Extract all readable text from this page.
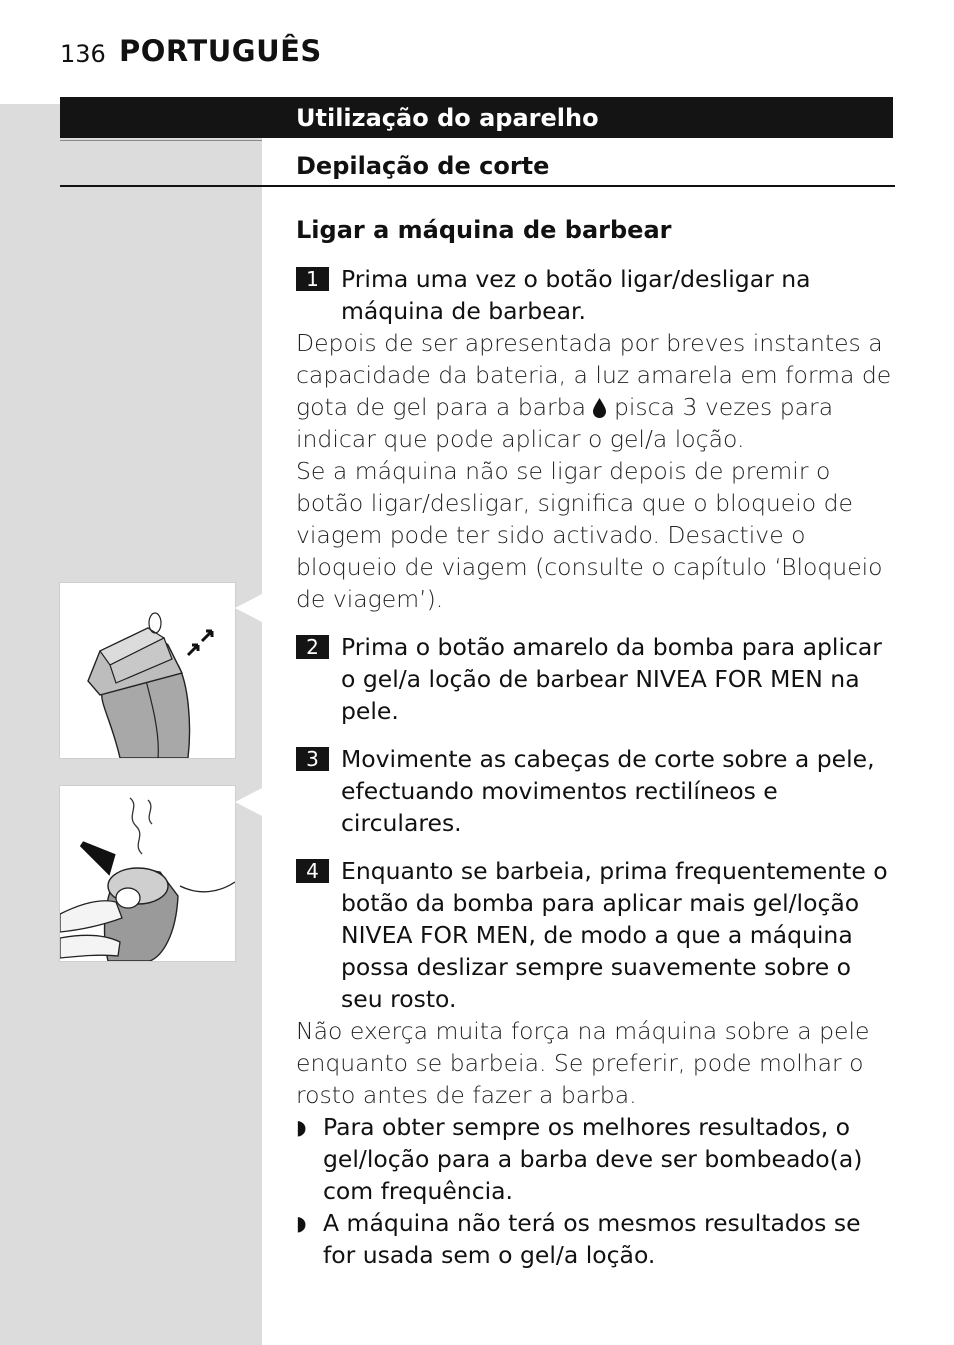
136 PORTUGUÊS
Utilização do aparelho
Depilação de corte

Ligar a máquina de barbear

1 Prima uma vez o botão ligar/desligar na máquina de barbear.

Depois de ser apresentada por breves instantes a capacidade da bateria, a luz amarela em forma de gota de gel para a barba pisca 3 vezes para indicar que pode aplicar o gel/a loção.

Se a máquina não se ligar depois de premir o botão ligar/desligar, significa que o bloqueio de viagem pode ter sido activado. Desactive o bloqueio de viagem (consulte o capítulo ‘Bloqueio de viagem’).

2 Prima o botão amarelo da bomba para aplicar o gel/a loção de barbear NIVEA FOR MEN na pele.
3 Movimente as cabeças de corte sobre a pele, efectuando movimentos rectilíneos e circulares.
4 Enquanto se barbeia, prima frequentemente o botão da bomba para aplicar mais gel/loção NIVEA FOR MEN, de modo a que a máquina possa deslizar sempre suavemente sobre o seu rosto.

Não exerça muita força na máquina sobre a pele enquanto se barbeia. Se preferir, pode molhar o rosto antes de fazer a barba.

◗ Para obter sempre os melhores resultados, o gel/loção para a barba deve ser bombeado(a) com frequência.
◗ A máquina não terá os mesmos resultados se for usada sem o gel/a loção.
